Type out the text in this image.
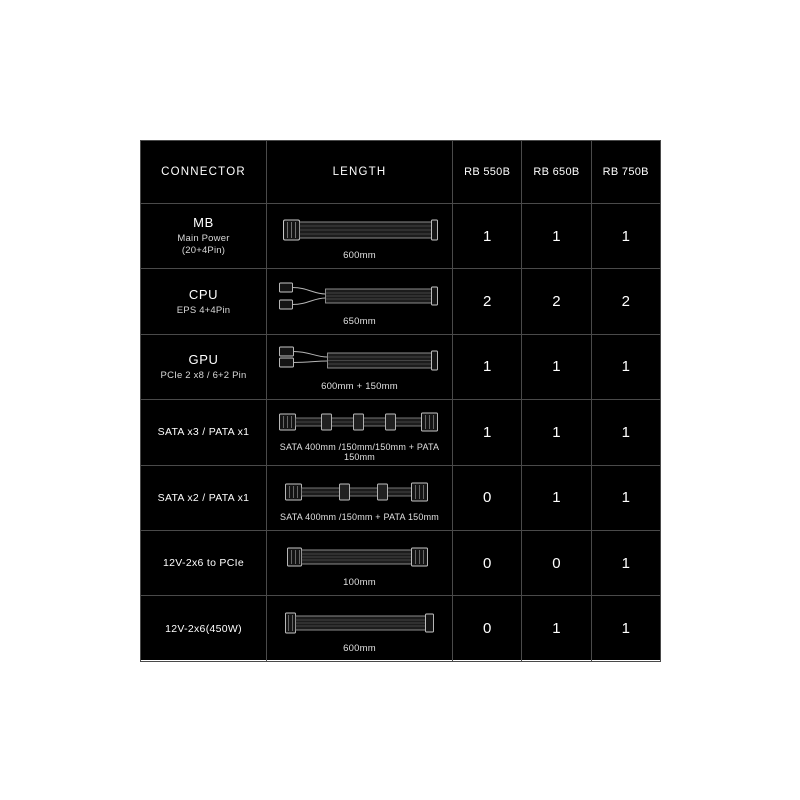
CONNECTOR	LENGTH	RB 550B	RB 650B	RB 750B

MB
Main Power
(20+4Pin)	600mm	1	1	1

CPU
EPS 4+4Pin	650mm	2	2	2

GPU
PCIe 2 x8 / 6+2 Pin	600mm + 150mm	1	1	1

SATA x3 / PATA x1	SATA 400mm /150mm/150mm + PATA 150mm	1	1	1

SATA x2 / PATA x1	SATA 400mm /150mm + PATA 150mm	0	1	1

12V-2x6 to PCIe	100mm	0	0	1

12V-2x6(450W)	600mm	0	1	1
